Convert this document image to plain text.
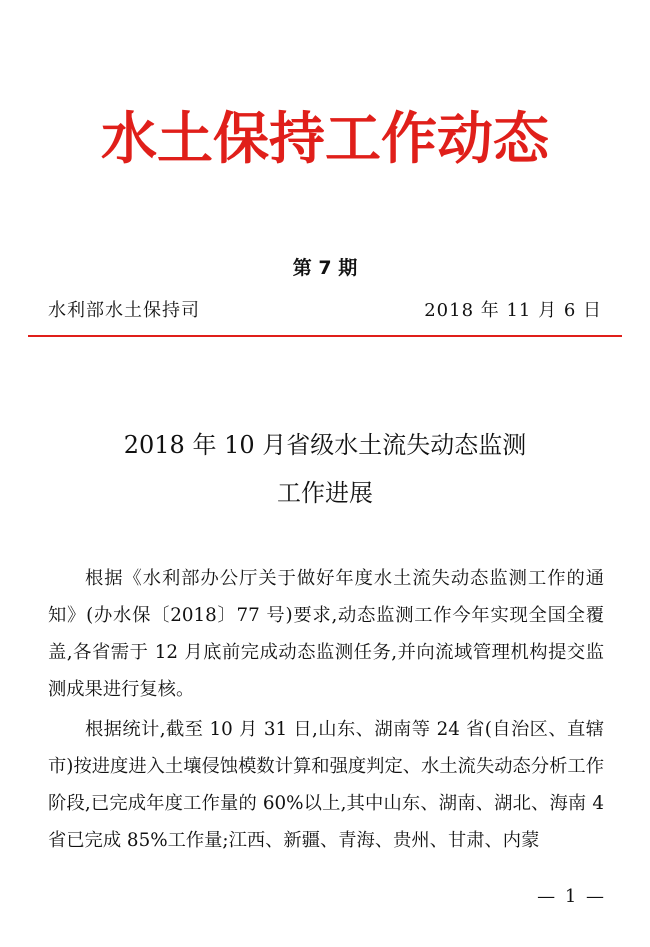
水土保持工作动态
第 7 期
水利部水土保持司	2018 年 11 月 6 日
2018 年 10 月省级水土流失动态监测
工作进展

根据《水利部办公厅关于做好年度水土流失动态监测工作的通知》(办水保〔2018〕77 号)要求,动态监测工作今年实现全国全覆盖,各省需于 12 月底前完成动态监测任务,并向流域管理机构提交监测成果进行复核。

根据统计,截至 10 月 31 日,山东、湖南等 24 省(自治区、直辖市)按进度进入土壤侵蚀模数计算和强度判定、水土流失动态分析工作阶段,已完成年度工作量的 60%以上,其中山东、湖南、湖北、海南 4 省已完成 85%工作量;江西、新疆、青海、贵州、甘肃、内蒙

— 1 —
